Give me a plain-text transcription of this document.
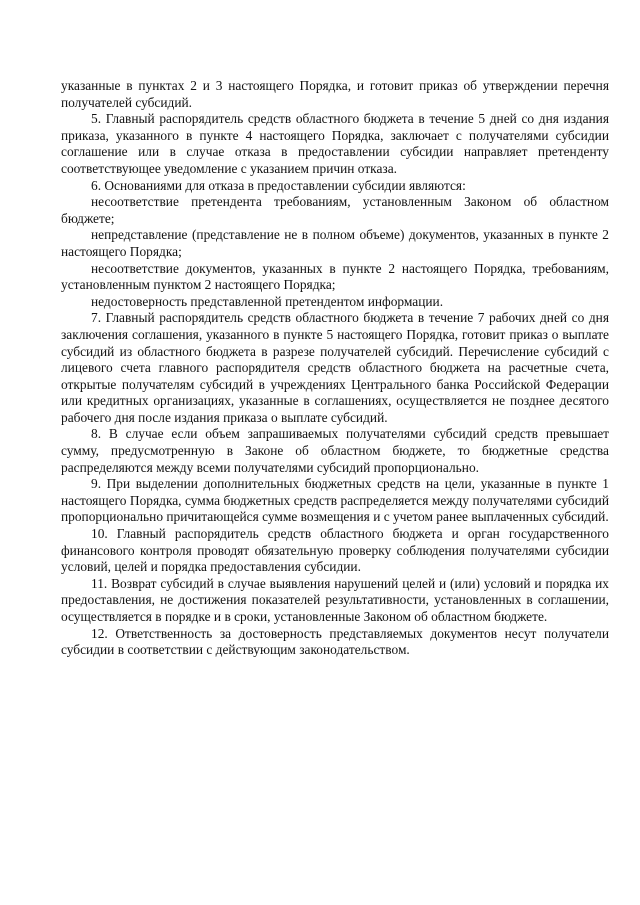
указанные в пунктах 2 и 3 настоящего Порядка, и готовит приказ об утверждении перечня получателей субсидий.

5. Главный распорядитель средств областного бюджета в течение 5 дней со дня издания приказа, указанного в пункте 4 настоящего Порядка, заключает с получателями субсидии соглашение или в случае отказа в предоставлении субсидии направляет претенденту соответствующее уведомление с указанием причин отказа.

6. Основаниями для отказа в предоставлении субсидии являются:

несоответствие претендента требованиям, установленным Законом об областном бюджете;

непредставление (представление не в полном объеме) документов, указанных в пункте 2 настоящего Порядка;

несоответствие документов, указанных в пункте 2 настоящего Порядка, требованиям, установленным пунктом 2 настоящего Порядка;

недостоверность представленной претендентом информации.

7. Главный распорядитель средств областного бюджета в течение 7 рабочих дней со дня заключения соглашения, указанного в пункте 5 настоящего Порядка, готовит приказ о выплате субсидий из областного бюджета в разрезе получателей субсидий. Перечисление субсидий с лицевого счета главного распорядителя средств областного бюджета на расчетные счета, открытые получателям субсидий в учреждениях Центрального банка Российской Федерации или кредитных организациях, указанные в соглашениях, осуществляется не позднее десятого рабочего дня после издания приказа о выплате субсидий.

8. В случае если объем запрашиваемых получателями субсидий средств превышает сумму, предусмотренную в Законе об областном бюджете, то бюджетные средства распределяются между всеми получателями субсидий пропорционально.

9. При выделении дополнительных бюджетных средств на цели, указанные в пункте 1 настоящего Порядка, сумма бюджетных средств распределяется между получателями субсидий пропорционально причитающейся сумме возмещения и с учетом ранее выплаченных субсидий.

10. Главный распорядитель средств областного бюджета и орган государственного финансового контроля проводят обязательную проверку соблюдения получателями субсидии условий, целей и порядка предоставления субсидии.

11. Возврат субсидий в случае выявления нарушений целей и (или) условий и порядка их предоставления, не достижения показателей результативности, установленных в соглашении, осуществляется в порядке и в сроки, установленные Законом об областном бюджете.

12. Ответственность за достоверность представляемых документов несут получатели субсидии в соответствии с действующим законодательством.
